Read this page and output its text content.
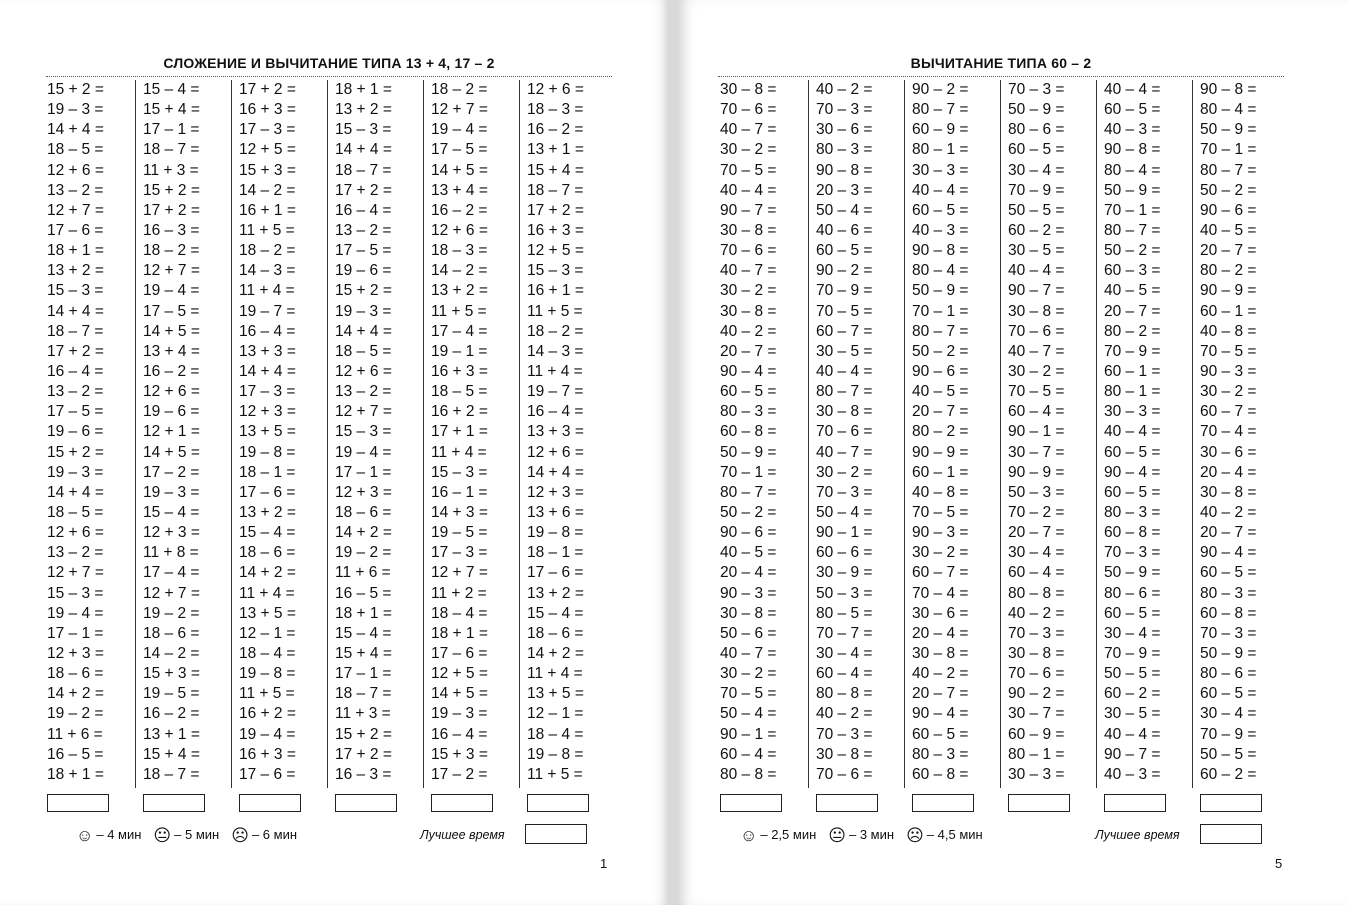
СЛОЖЕНИЕ И ВЫЧИТАНИЕ ТИПА 13 + 4, 17 – 2
15 + 2 =
19 – 3 =
14 + 4 =
18 – 5 =
12 + 6 =
13 – 2 =
12 + 7 =
17 – 6 =
18 + 1 =
13 + 2 =
15 – 3 =
14 + 4 =
18 – 7 =
17 + 2 =
16 – 4 =
13 – 2 =
17 – 5 =
19 – 6 =
15 + 2 =
19 – 3 =
14 + 4 =
18 – 5 =
12 + 6 =
13 – 2 =
12 + 7 =
15 – 3 =
19 – 4 =
17 – 1 =
12 + 3 =
18 – 6 =
14 + 2 =
19 – 2 =
11 + 6 =
16 – 5 =
18 + 1 =
15 – 4 =
15 + 4 =
17 – 1 =
18 – 7 =
11 + 3 =
15 + 2 =
17 + 2 =
16 – 3 =
18 – 2 =
12 + 7 =
19 – 4 =
17 – 5 =
14 + 5 =
13 + 4 =
16 – 2 =
12 + 6 =
19 – 6 =
12 + 1 =
14 + 5 =
17 – 2 =
19 – 3 =
15 – 4 =
12 + 3 =
11 + 8 =
17 – 4 =
12 + 7 =
19 – 2 =
18 – 6 =
14 – 2 =
15 + 3 =
19 – 5 =
16 – 2 =
13 + 1 =
15 + 4 =
18 – 7 =
17 + 2 =
16 + 3 =
17 – 3 =
12 + 5 =
15 + 3 =
14 – 2 =
16 + 1 =
11 + 5 =
18 – 2 =
14 – 3 =
11 + 4 =
19 – 7 =
16 – 4 =
13 + 3 =
14 + 4 =
17 – 3 =
12 + 3 =
13 + 5 =
19 – 8 =
18 – 1 =
17 – 6 =
13 + 2 =
15 – 4 =
18 – 6 =
14 + 2 =
11 + 4 =
13 + 5 =
12 – 1 =
18 – 4 =
19 – 8 =
11 + 5 =
16 + 2 =
19 – 4 =
16 + 3 =
17 – 6 =
18 + 1 =
13 + 2 =
15 – 3 =
14 + 4 =
18 – 7 =
17 + 2 =
16 – 4 =
13 – 2 =
17 – 5 =
19 – 6 =
15 + 2 =
19 – 3 =
14 + 4 =
18 – 5 =
12 + 6 =
13 – 2 =
12 + 7 =
15 – 3 =
19 – 4 =
17 – 1 =
12 + 3 =
18 – 6 =
14 + 2 =
19 – 2 =
11 + 6 =
16 – 5 =
18 + 1 =
15 – 4 =
15 + 4 =
17 – 1 =
18 – 7 =
11 + 3 =
15 + 2 =
17 + 2 =
16 – 3 =
18 – 2 =
12 + 7 =
19 – 4 =
17 – 5 =
14 + 5 =
13 + 4 =
16 – 2 =
12 + 6 =
18 – 3 =
14 – 2 =
13 + 2 =
11 + 5 =
17 – 4 =
19 – 1 =
16 + 3 =
18 – 5 =
16 + 2 =
17 + 1 =
11 + 4 =
15 – 3 =
16 – 1 =
14 + 3 =
19 – 5 =
17 – 3 =
12 + 7 =
11 + 2 =
18 – 4 =
18 + 1 =
17 – 6 =
12 + 5 =
14 + 5 =
19 – 3 =
16 – 4 =
15 + 3 =
17 – 2 =
12 + 6 =
18 – 3 =
16 – 2 =
13 + 1 =
15 + 4 =
18 – 7 =
17 + 2 =
16 + 3 =
12 + 5 =
15 – 3 =
16 + 1 =
11 + 5 =
18 – 2 =
14 – 3 =
11 + 4 =
19 – 7 =
16 – 4 =
13 + 3 =
12 + 6 =
14 + 4 =
12 + 3 =
13 + 6 =
19 – 8 =
18 – 1 =
17 – 6 =
13 + 2 =
15 – 4 =
18 – 6 =
14 + 2 =
11 + 4 =
13 + 5 =
12 – 1 =
18 – 4 =
19 – 8 =
11 + 5 =
☺ – 4 мин 😐 – 5 мин ☹ – 6 мин	Лучшее время
1
ВЫЧИТАНИЕ ТИПА 60 – 2
30 – 8 =
70 – 6 =
40 – 7 =
30 – 2 =
70 – 5 =
40 – 4 =
90 – 7 =
30 – 8 =
70 – 6 =
40 – 7 =
30 – 2 =
30 – 8 =
40 – 2 =
20 – 7 =
90 – 4 =
60 – 5 =
80 – 3 =
60 – 8 =
50 – 9 =
70 – 1 =
80 – 7 =
50 – 2 =
90 – 6 =
40 – 5 =
20 – 4 =
90 – 3 =
30 – 8 =
50 – 6 =
40 – 7 =
30 – 2 =
70 – 5 =
50 – 4 =
90 – 1 =
60 – 4 =
80 – 8 =
40 – 2 =
70 – 3 =
30 – 6 =
80 – 3 =
90 – 8 =
20 – 3 =
50 – 4 =
40 – 6 =
60 – 5 =
90 – 2 =
70 – 9 =
70 – 5 =
60 – 7 =
30 – 5 =
40 – 4 =
80 – 7 =
30 – 8 =
70 – 6 =
40 – 7 =
30 – 2 =
70 – 3 =
50 – 4 =
90 – 1 =
60 – 6 =
30 – 9 =
50 – 3 =
80 – 5 =
70 – 7 =
30 – 4 =
60 – 4 =
80 – 8 =
40 – 2 =
70 – 3 =
30 – 8 =
70 – 6 =
90 – 2 =
80 – 7 =
60 – 9 =
80 – 1 =
30 – 3 =
40 – 4 =
60 – 5 =
40 – 3 =
90 – 8 =
80 – 4 =
50 – 9 =
70 – 1 =
80 – 7 =
50 – 2 =
90 – 6 =
40 – 5 =
20 – 7 =
80 – 2 =
90 – 9 =
60 – 1 =
40 – 8 =
70 – 5 =
90 – 3 =
30 – 2 =
60 – 7 =
70 – 4 =
30 – 6 =
20 – 4 =
30 – 8 =
40 – 2 =
20 – 7 =
90 – 4 =
60 – 5 =
80 – 3 =
60 – 8 =
70 – 3 =
50 – 9 =
80 – 6 =
60 – 5 =
30 – 4 =
70 – 9 =
50 – 5 =
60 – 2 =
30 – 5 =
40 – 4 =
90 – 7 =
30 – 8 =
70 – 6 =
40 – 7 =
30 – 2 =
70 – 5 =
60 – 4 =
90 – 1 =
30 – 7 =
90 – 9 =
50 – 3 =
70 – 2 =
20 – 7 =
30 – 4 =
60 – 4 =
80 – 8 =
40 – 2 =
70 – 3 =
30 – 8 =
70 – 6 =
90 – 2 =
30 – 7 =
60 – 9 =
80 – 1 =
30 – 3 =
40 – 4 =
60 – 5 =
40 – 3 =
90 – 8 =
80 – 4 =
50 – 9 =
70 – 1 =
80 – 7 =
50 – 2 =
60 – 3 =
40 – 5 =
20 – 7 =
80 – 2 =
70 – 9 =
60 – 1 =
80 – 1 =
30 – 3 =
40 – 4 =
60 – 5 =
90 – 4 =
60 – 5 =
80 – 3 =
60 – 8 =
70 – 3 =
50 – 9 =
80 – 6 =
60 – 5 =
30 – 4 =
70 – 9 =
50 – 5 =
60 – 2 =
30 – 5 =
40 – 4 =
90 – 7 =
40 – 3 =
90 – 8 =
80 – 4 =
50 – 9 =
70 – 1 =
80 – 7 =
50 – 2 =
90 – 6 =
40 – 5 =
20 – 7 =
80 – 2 =
90 – 9 =
60 – 1 =
40 – 8 =
70 – 5 =
90 – 3 =
30 – 2 =
60 – 7 =
70 – 4 =
30 – 6 =
20 – 4 =
30 – 8 =
40 – 2 =
20 – 7 =
90 – 4 =
60 – 5 =
80 – 3 =
60 – 8 =
70 – 3 =
50 – 9 =
80 – 6 =
60 – 5 =
30 – 4 =
70 – 9 =
50 – 5 =
60 – 2 =
☺ – 2,5 мин 😐 – 3 мин ☹ – 4,5 мин	Лучшее время
5
